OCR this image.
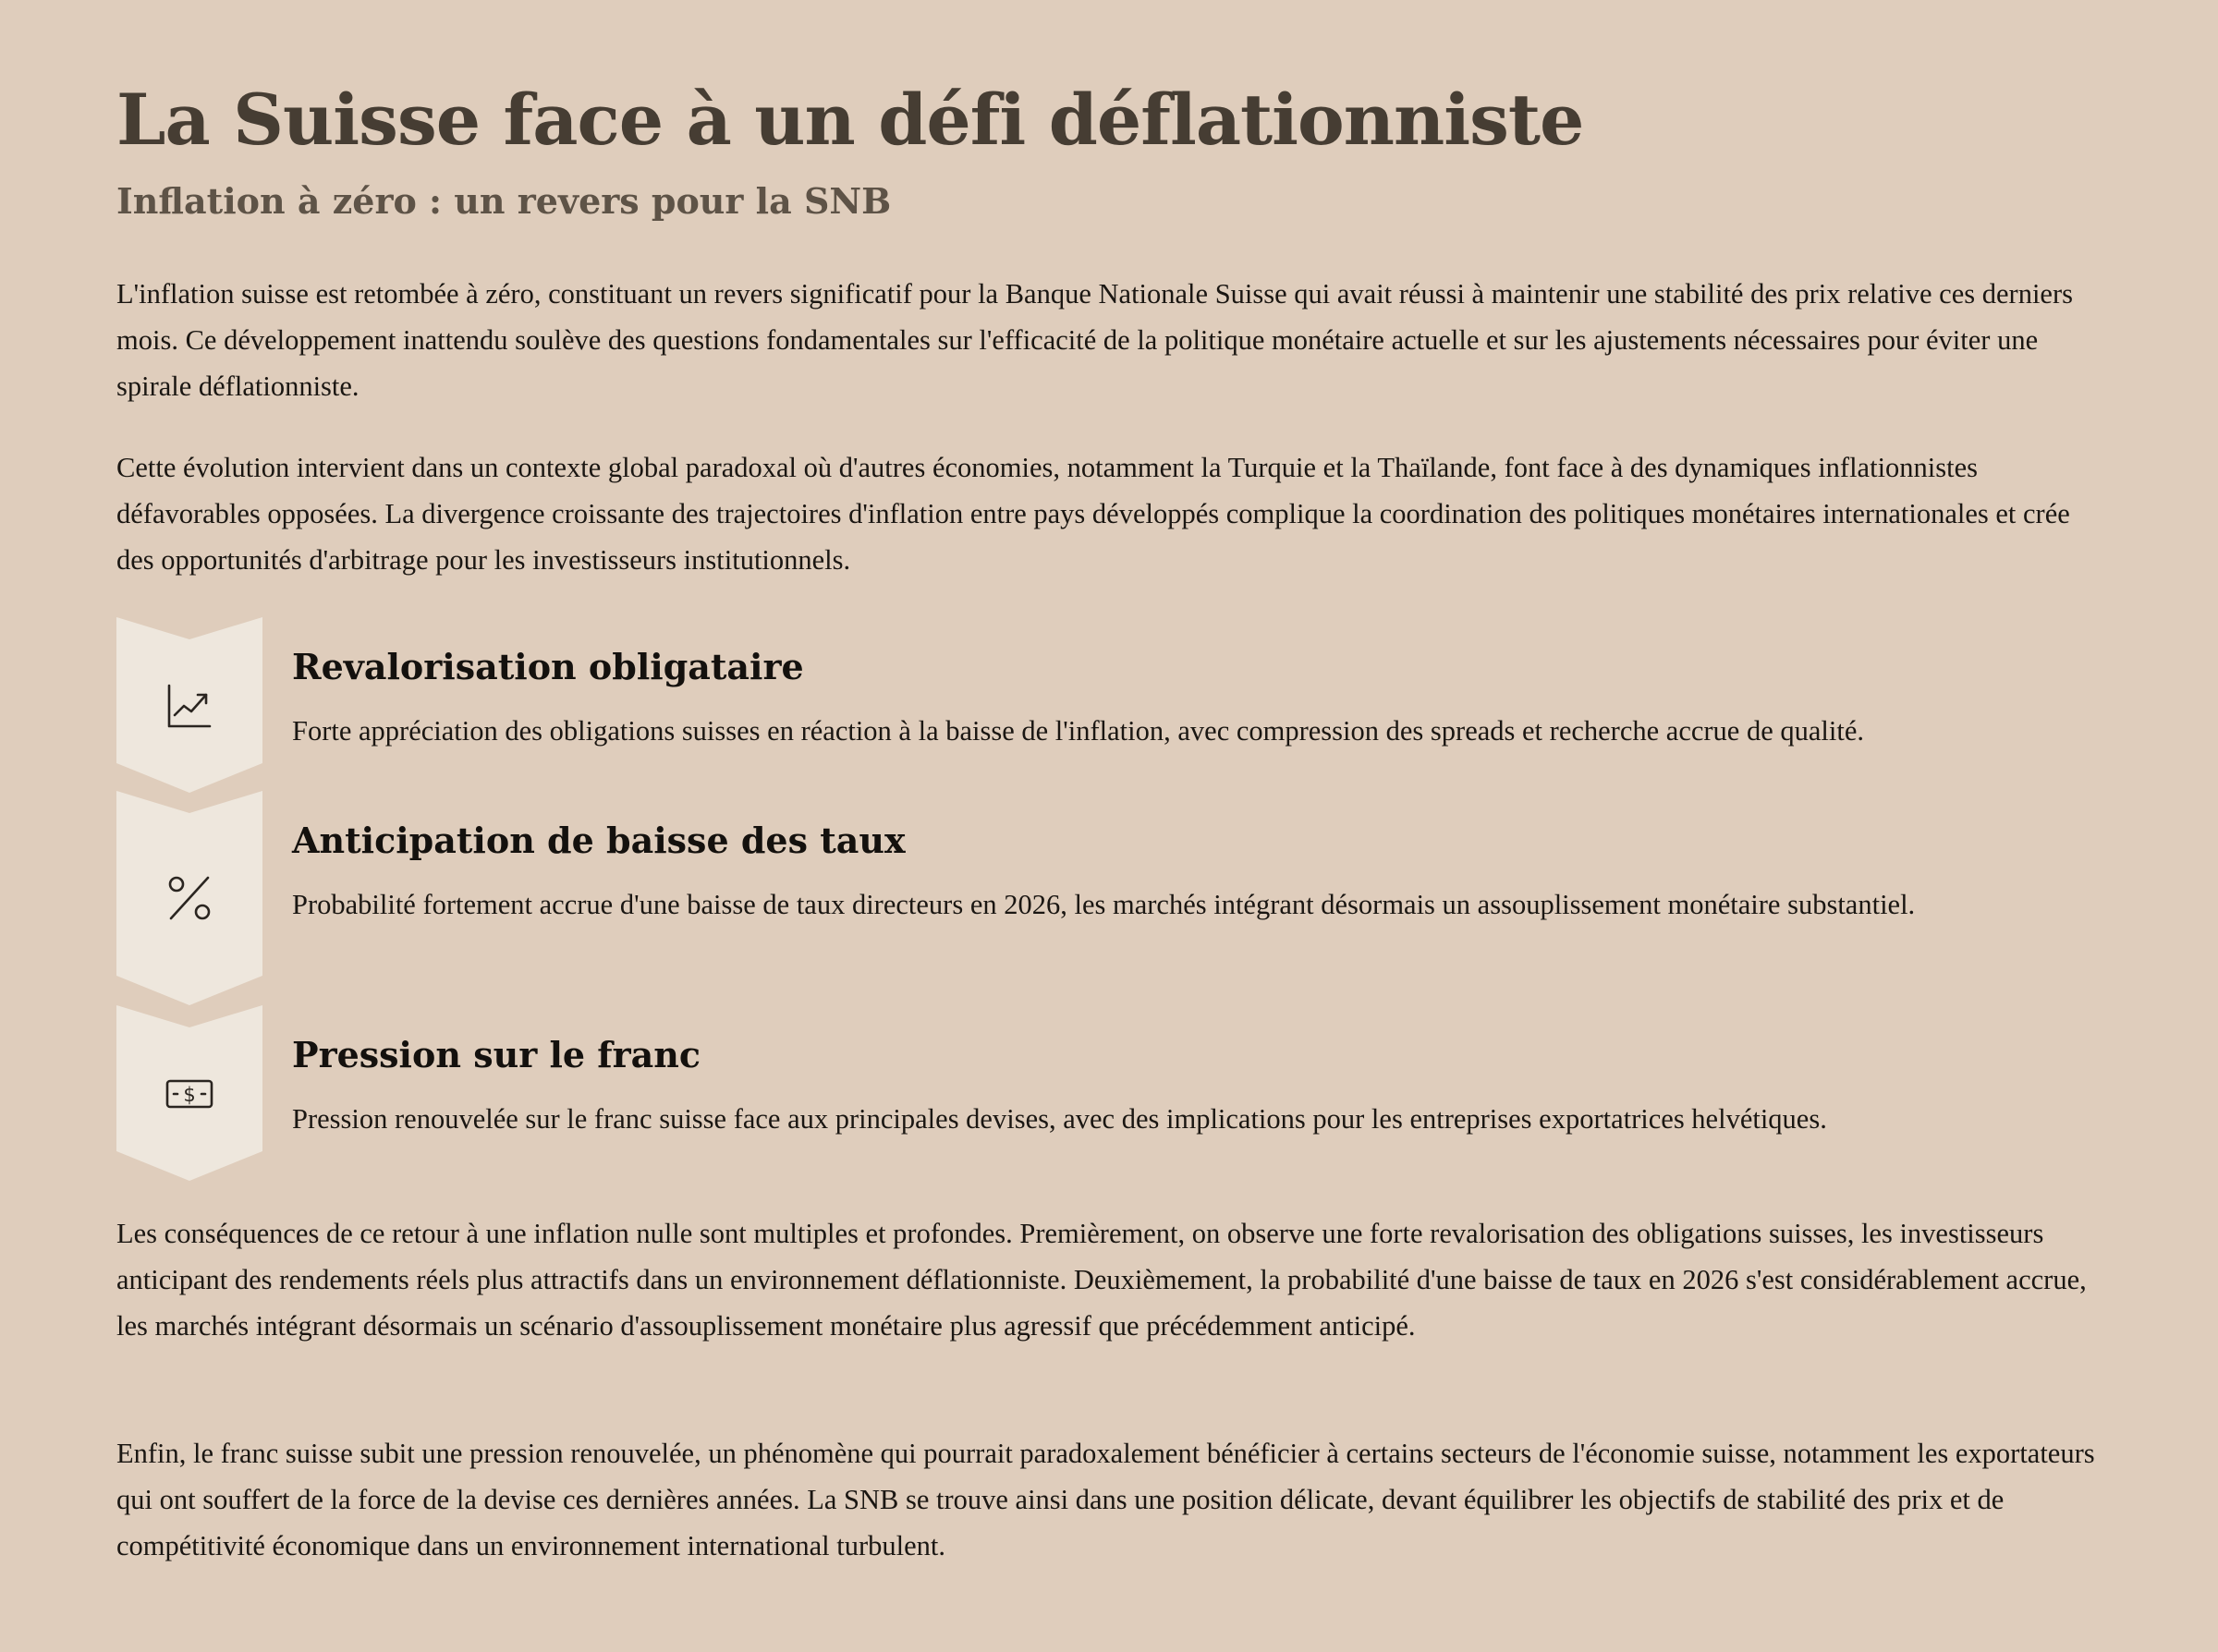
La Suisse face à un défi déflationniste
Inflation à zéro : un revers pour la SNB

L'inflation suisse est retombée à zéro, constituant un revers significatif pour la Banque Nationale Suisse qui avait réussi à maintenir une stabilité des prix relative ces derniers mois. Ce développement inattendu soulève des questions fondamentales sur l'efficacité de la politique monétaire actuelle et sur les ajustements nécessaires pour éviter une spirale déflationniste.

Cette évolution intervient dans un contexte global paradoxal où d'autres économies, notamment la Turquie et la Thaïlande, font face à des dynamiques inflationnistes défavorables opposées. La divergence croissante des trajectoires d'inflation entre pays développés complique la coordination des politiques monétaires internationales et crée des opportunités d'arbitrage pour les investisseurs institutionnels.

Revalorisation obligataire

Forte appréciation des obligations suisses en réaction à la baisse de l'inflation, avec compression des spreads et recherche accrue de qualité.

Anticipation de baisse des taux

Probabilité fortement accrue d'une baisse de taux directeurs en 2026, les marchés intégrant désormais un assouplissement monétaire substantiel.

$
Pression sur le franc

Pression renouvelée sur le franc suisse face aux principales devises, avec des implications pour les entreprises exportatrices helvétiques.

Les conséquences de ce retour à une inflation nulle sont multiples et profondes. Premièrement, on observe une forte revalorisation des obligations suisses, les investisseurs anticipant des rendements réels plus attractifs dans un environnement déflationniste. Deuxièmement, la probabilité d'une baisse de taux en 2026 s'est considérablement accrue, les marchés intégrant désormais un scénario d'assouplissement monétaire plus agressif que précédemment anticipé.

Enfin, le franc suisse subit une pression renouvelée, un phénomène qui pourrait paradoxalement bénéficier à certains secteurs de l'économie suisse, notamment les exportateurs qui ont souffert de la force de la devise ces dernières années. La SNB se trouve ainsi dans une position délicate, devant équilibrer les objectifs de stabilité des prix et de compétitivité économique dans un environnement international turbulent.
